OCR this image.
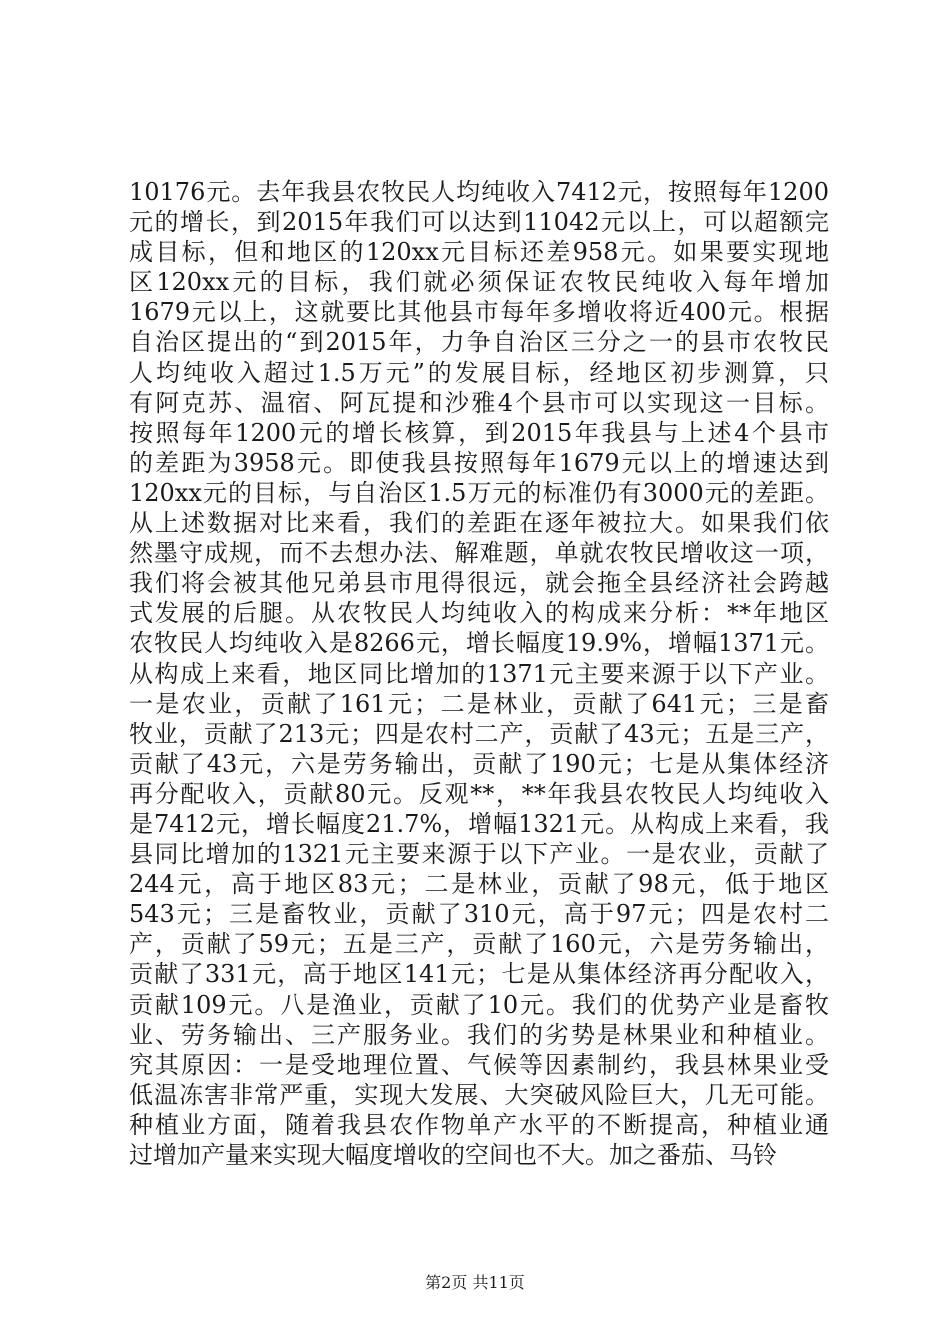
10176元。去年我县农牧民人均纯收入7412元，按照每年1200
元的增长，到2015年我们可以达到11042元以上，可以超额完
成目标，但和地区的120xx元目标还差958元。如果要实现地
区120xx元的目标，我们就必须保证农牧民纯收入每年增加
1679元以上，这就要比其他县市每年多增收将近400元。根据
自治区提出的“到2015年，力争自治区三分之一的县市农牧民
人均纯收入超过1.5万元”的发展目标，经地区初步测算，只
有阿克苏、温宿、阿瓦提和沙雅4个县市可以实现这一目标。
按照每年1200元的增长核算，到2015年我县与上述4个县市
的差距为3958元。即使我县按照每年1679元以上的增速达到
120xx元的目标，与自治区1.5万元的标准仍有3000元的差距。
从上述数据对比来看，我们的差距在逐年被拉大。如果我们依
然墨守成规，而不去想办法、解难题，单就农牧民增收这一项，
我们将会被其他兄弟县市甩得很远，就会拖全县经济社会跨越
式发展的后腿。从农牧民人均纯收入的构成来分析：**年地区
农牧民人均纯收入是8266元，增长幅度19.9%，增幅1371元。
从构成上来看，地区同比增加的1371元主要来源于以下产业。
一是农业，贡献了161元；二是林业，贡献了641元；三是畜
牧业，贡献了213元；四是农村二产，贡献了43元；五是三产，
贡献了43元，六是劳务输出，贡献了190元；七是从集体经济
再分配收入，贡献80元。反观**，**年我县农牧民人均纯收入
是7412元，增长幅度21.7%，增幅1321元。从构成上来看，我
县同比增加的1321元主要来源于以下产业。一是农业，贡献了
244元，高于地区83元；二是林业，贡献了98元，低于地区
543元；三是畜牧业，贡献了310元，高于97元；四是农村二
产，贡献了59元；五是三产，贡献了160元，六是劳务输出，
贡献了331元，高于地区141元；七是从集体经济再分配收入，
贡献109元。八是渔业，贡献了10元。我们的优势产业是畜牧
业、劳务输出、三产服务业。我们的劣势是林果业和种植业。
究其原因：一是受地理位置、气候等因素制约，我县林果业受
低温冻害非常严重，实现大发展、大突破风险巨大，几无可能。
种植业方面，随着我县农作物单产水平的不断提高，种植业通
过增加产量来实现大幅度增收的空间也不大。加之番茄、马铃
第2页 共11页
